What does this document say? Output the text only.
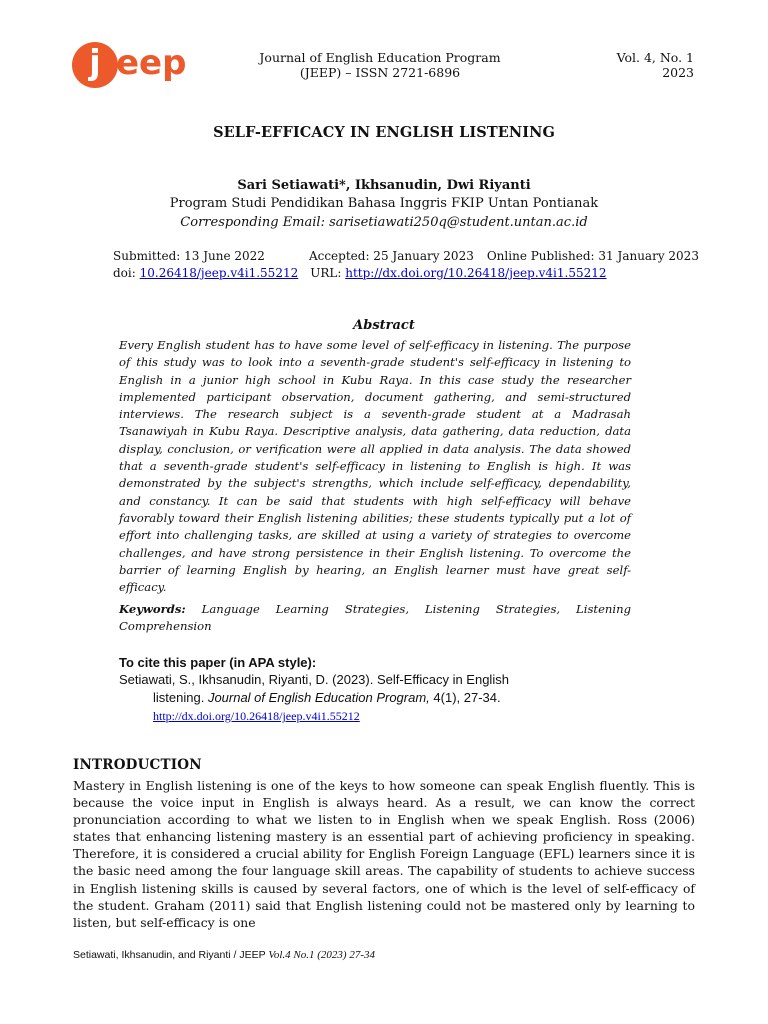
j eep	Journal of English Education Program
(JEEP) – ISSN 2721-6896
Vol. 4, No. 1
2023
SELF-EFFICACY IN ENGLISH LISTENING
Sari Setiawati*, Ikhsanudin, Dwi Riyanti
Program Studi Pendidikan Bahasa Inggris FKIP Untan Pontianak
Corresponding Email: sarisetiawati250q@student.untan.ac.id
Submitted: 13 June 2022	Accepted: 25 January 2023 Online Published: 31 January 2023
doi: 10.26418/jeep.v4i1.55212 URL: http://dx.doi.org/10.26418/jeep.v4i1.55212
Abstract

Every English student has to have some level of self-efficacy in listening. The purpose of this study was to look into a seventh-grade student's self-efficacy in listening to English in a junior high school in Kubu Raya. In this case study the researcher implemented participant observation, document gathering, and semi-structured interviews. The research subject is a seventh-grade student at a Madrasah Tsanawiyah in Kubu Raya. Descriptive analysis, data gathering, data reduction, data display, conclusion, or verification were all applied in data analysis. The data showed that a seventh-grade student's self-efficacy in listening to English is high. It was demonstrated by the subject's strengths, which include self-efficacy, dependability, and constancy. It can be said that students with high self-efficacy will behave favorably toward their English listening abilities; these students typically put a lot of effort into challenging tasks, are skilled at using a variety of strategies to overcome challenges, and have strong persistence in their English listening. To overcome the barrier of learning English by hearing, an English learner must have great self-efficacy.

Keywords: Language Learning Strategies, Listening Strategies, Listening Comprehension

To cite this paper (in APA style):
Setiawati, S., Ikhsanudin, Riyanti, D. (2023). Self-Efficacy in English
listening. Journal of English Education Program, 4(1), 27-34.
http://dx.doi.org/10.26418/jeep.v4i1.55212
INTRODUCTION

Mastery in English listening is one of the keys to how someone can speak English fluently. This is because the voice input in English is always heard. As a result, we can know the correct pronunciation according to what we listen to in English when we speak English. Ross (2006) states that enhancing listening mastery is an essential part of achieving proficiency in speaking. Therefore, it is considered a crucial ability for English Foreign Language (EFL) learners since it is the basic need among the four language skill areas. The capability of students to achieve success in English listening skills is caused by several factors, one of which is the level of self-efficacy of the student. Graham (2011) said that English listening could not be mastered only by learning to listen, but self-efficacy is one

Setiawati, Ikhsanudin, and Riyanti / JEEP Vol.4 No.1 (2023) 27-34
